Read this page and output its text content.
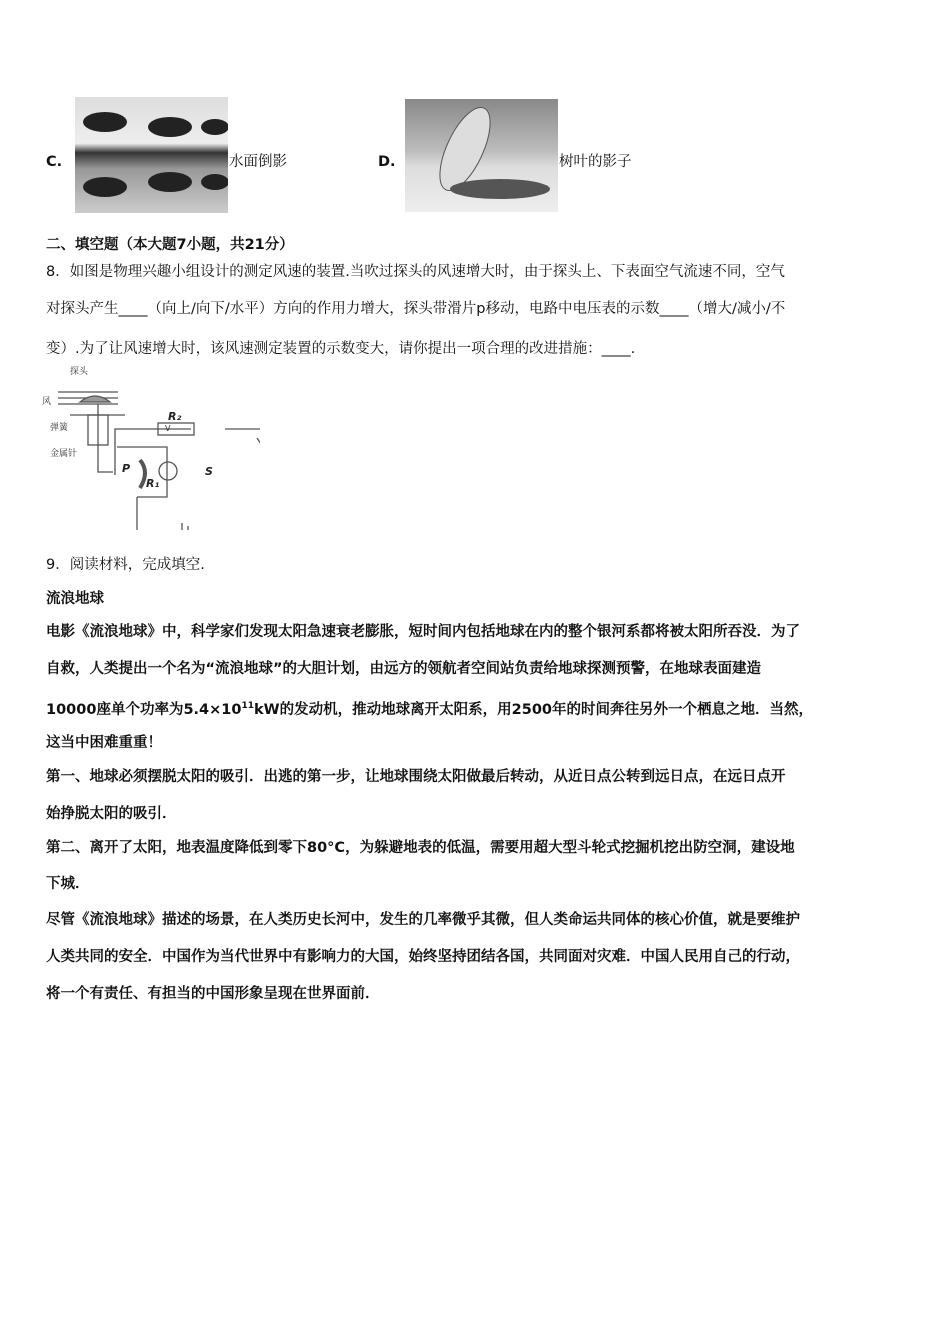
C.	水面倒影	D.	树叶的影子
二、填空题（本大题7小题，共21分）
8．如图是物理兴趣小组设计的测定风速的装置.当吹过探头的风速增大时，由于探头上、下表面空气流速不同，空气
对探头产生____（向上/向下/水平）方向的作用力增大，探头带滑片p移动，电路中电压表的示数____（增大/减小/不
变）.为了让风速增大时，该风速测定装置的示数变大，请你提出一项合理的改进措施：____.
探头
风
弹簧
金属针
V
R₂
P
R₁
S
9．阅读材料，完成填空.
流浪地球
电影《流浪地球》中，科学家们发现太阳急速衰老膨胀，短时间内包括地球在内的整个银河系都将被太阳所吞没．为了
自救，人类提出一个名为“流浪地球”的大胆计划，由远方的领航者空间站负责给地球探测预警，在地球表面建造
10000座单个功率为$5.4\times 10^{11}kW$的发动机，推动地球离开太阳系，用2500年的时间奔往另外一个栖息之地．当然，
这当中困难重重！
第一、地球必须摆脱太阳的吸引．出逃的第一步，让地球围绕太阳做最后转动，从近日点公转到远日点，在远日点开
始挣脱太阳的吸引．
第二、离开了太阳，地表温度降低到零下80°C，为躲避地表的低温，需要用超大型斗轮式挖掘机挖出防空洞，建设地
下城．
尽管《流浪地球》描述的场景，在人类历史长河中，发生的几率微乎其微，但人类命运共同体的核心价值，就是要维护
人类共同的安全．中国作为当代世界中有影响力的大国，始终坚持团结各国，共同面对灾难．中国人民用自己的行动，
将一个有责任、有担当的中国形象呈现在世界面前．
